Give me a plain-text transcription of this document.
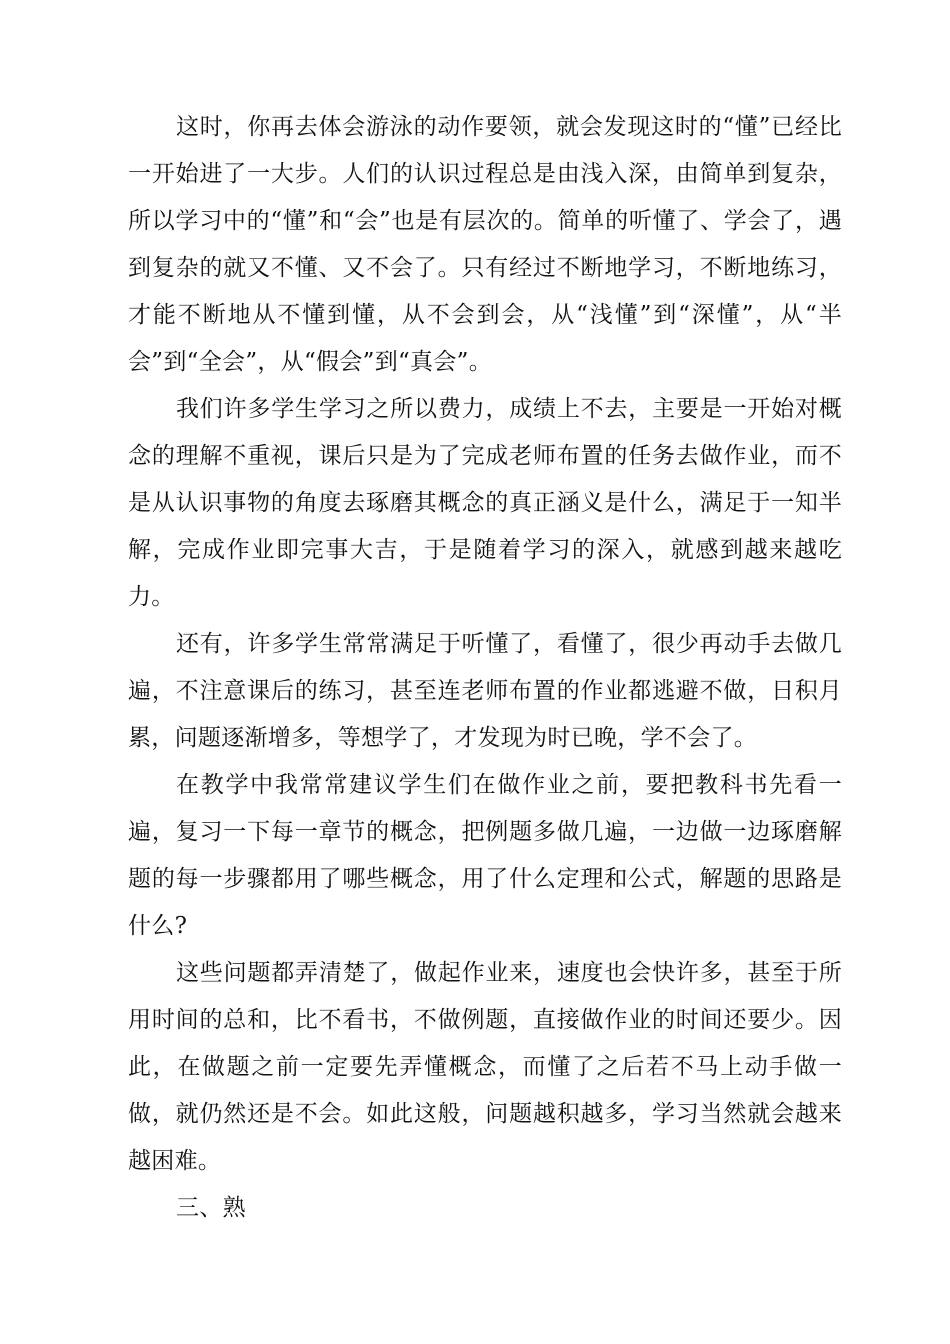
这时，你再去体会游泳的动作要领，就会发现这时的“懂”已经比一开始进了一大步。人们的认识过程总是由浅入深，由简单到复杂，所以学习中的“懂”和“会”也是有层次的。简单的听懂了、学会了，遇到复杂的就又不懂、又不会了。只有经过不断地学习，不断地练习，才能不断地从不懂到懂，从不会到会，从“浅懂”到“深懂”，从“半会”到“全会”，从“假会”到“真会”。

我们许多学生学习之所以费力，成绩上不去，主要是一开始对概念的理解不重视，课后只是为了完成老师布置的任务去做作业，而不是从认识事物的角度去琢磨其概念的真正涵义是什么，满足于一知半解，完成作业即完事大吉，于是随着学习的深入，就感到越来越吃力。

还有，许多学生常常满足于听懂了，看懂了，很少再动手去做几遍，不注意课后的练习，甚至连老师布置的作业都逃避不做，日积月累，问题逐渐增多，等想学了，才发现为时已晚，学不会了。

在教学中我常常建议学生们在做作业之前，要把教科书先看一遍，复习一下每一章节的概念，把例题多做几遍，一边做一边琢磨解题的每一步骤都用了哪些概念，用了什么定理和公式，解题的思路是什么?

这些问题都弄清楚了，做起作业来，速度也会快许多，甚至于所用时间的总和，比不看书，不做例题，直接做作业的时间还要少。因此，在做题之前一定要先弄懂概念，而懂了之后若不马上动手做一做，就仍然还是不会。如此这般，问题越积越多，学习当然就会越来越困难。

三、熟
